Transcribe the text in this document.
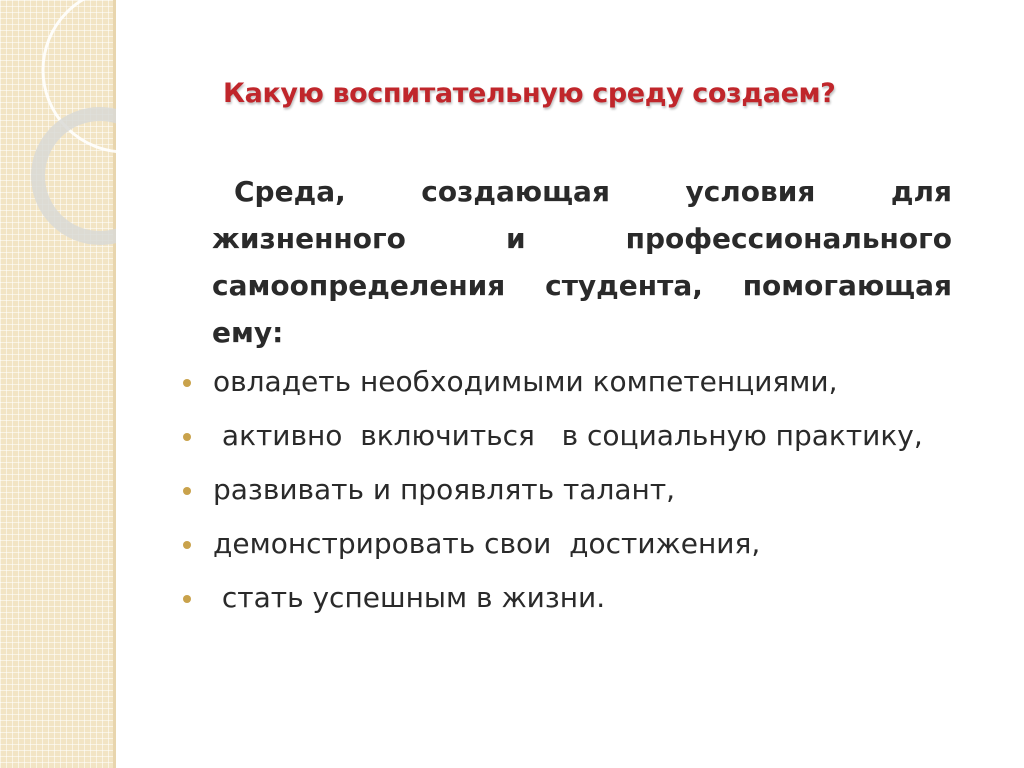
Какую воспитательную среду создаем?

Среда, создающая условия для жизненного и профессионального самоопределения студента, помогающая ему:

овладеть необходимыми компетенциями,
активно  включиться   в социальную практику,
развивать и проявлять талант,
демонстрировать свои  достижения,
стать успешным в жизни.
